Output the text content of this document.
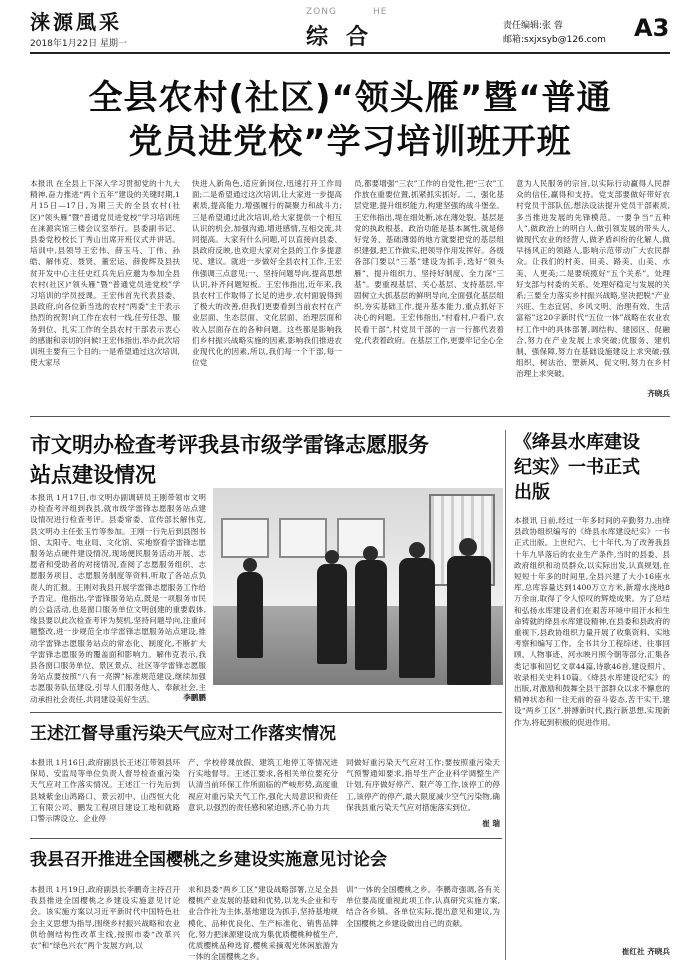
涞源風采
2018年1月22日 星期一
ZONG	HE
综合	责任编辑:张 蓉
邮箱:sxjxsyb@126.com A3
全县农村(社区)“领头雁”暨“普通
党员进党校”学习培训班开班
本报讯 在全县上下深入学习贯彻党的十九大精神,奋力推进“两个五年”建设的关键时期,1月15日—17日,为期三天的全县农村(社区)“领头雁”暨“普通党员进党校”学习培训班在涞源宾馆三楼会议室举行。县委副书记、县委党校校长丁秀山出席开班仪式并讲话。培训中,县领导王宏伟、薛玉马、丁伟、孙皓、解伟克、聂贤、董宏运、薛俊辉及县扶贫开发中心主任史红兵先后应邀为参加全县农村(社区)“领头雁”暨“普通党员进党校”学习培训的学员授课。王宏伟首先代表县委、县政府,向各位新当选的农村“两委”主干表示热烈的祝贺!向工作在农村一线,任劳任怨、服务到位、扎实工作的全县农村干部表示衷心的感谢和亲切的问候!王宏伟指出,举办此次培训班主要有三个目的:一是希望通过这次培训,使大家尽
快进入新角色,适应新岗位,迅速打开工作局面;二是希望通过这次培训,让大家进一步提高素质,提高能力,增强履行的凝聚力和战斗力;三是希望通过此次培训,给大家提供一个相互认识的机会,加强沟通,增进感情,互相交流,共同提高。大家有什么问题,可以直接向县委、县政府反映,也欢迎大家对全县的工作多提意见、建议。就进一步做好全县农村工作,王宏伟强调三点意见:一、坚持问题导向,提高思想认识,补齐问题短板。王宏伟指出,近年来,我县农村工作取得了长足的进步,农村面貌得到了极大的改善,但我们更要看到当前农村在产业层面、生态层面、文化层面、治理层面和收入层面存在的各种问题。这些都是影响我们乡村振兴战略实施的因素,影响我们推进农业现代化的因素,所以,我们每一个干部,每一位党
员,都要增强“三农”工作的自觉性,把“三农”工作放在重要位置,抓紧抓实抓好。二、强化基层党建,提升组织能力,构建坚强的战斗堡垒。王宏伟指出,堤在细处断,冰在薄处裂。基层是党的执政根基。政治功能是基本属性,就是修好党务、基础薄弱的地方就要把党的基层组织建强,把工作做实,把领导作用发挥好。各级各部门要以“三基”建设为抓手,选好“领头雁”、提升组织力、坚持好制度、全力深“三基”。要重视基层、关心基层、支持基层,牢固树立大抓基层的鲜明导向,全面强化基层组织,夯实基础工作,提升基本能力,重点抓好下决心的问题。王宏伟指出,“村看村,户看户,农民看干部”,村党员干部的一言一行都代表着党,代表着政府。在基层工作,更要牢记全心全
意为人民服务的宗旨,以实际行动赢得人民群众的信任,赢得和支持。党支部要做好带好农村党员干部队伍,想法设法提升党员干部素质,多当推进发展的先锋模范。一要争当“五种人”,做政治上的明白人,做引领发展的带头人,做现代农业的经营人,做矛盾纠纷的化解人,做早扬风正的领路人,影响示范带动广大农民群众。让我们的村美、田美、路美、山美、水美、人更美;二是要统揽好“五个关系”。处理好支部与村委的关系、处理好稳定与发展的关系;三要全力落实乡村振兴战略,坚决把脱“产业兴旺、生态宜居、乡风文明、治理有效、生活富裕”这20字新时代“五位一体”战略在农业农村工作中的具体部署,调结构、建园区、促融合,努力在产业发展上求突破;优服务、建机制、强保障,努力在基础设施建设上求突破;强组织、树法治、塑新风、促文明,努力在乡村治理上求突破。
齐晓兵
市文明办检查考评我县市级学雷锋志愿服务
站点建设情况
本报讯 1月17日,市文明办副调研员王刚带领市文明办检查考评组到我县,就市级学雷锋志愿服务站点建设情况进行检查考评。县委常委、宣传部长解伟克,县文明办主任张玉竹等参加。王刚一行先后到县图书馆、太阳寺、电业局、文化馆、实地察看学雷锋志愿服务站点硬件建设情况,现场便民服务活动开展、志愿者和受助者的对接情况,查阅了志愿服务组织、志愿服务项目、志愿服务制度等资料,听取了各站点负责人的汇报。王刚对我县开展学雷锋志愿服务工作给予肯定。他指出,学雷锋服务站点,既是一项服务市民的公益活动,也是窗口服务单位文明创建的重要载体,缘县要以此次检查考评为契机,坚持问题导向,注重问题整改,进一步规范全市学雷锋志愿服务站点建设,推动学雷锋志愿服务站点的常态化、制度化,不断扩大学雷锋志愿服务的覆盖面和影响力。解伟克表示,我县各窗口服务单位、景区景点、社区等学雷锋志愿服务站点要按照“八有一亮牌”标准规范建设,继续加强志愿服务队伍建设,引导人们服务他人、奉献社会,主动承担社会责任,共同建设美好生活。	李鹏鹏
王述江督导重污染天气应对工作落实情况
本报讯 1月16日,政府副县长王述江带领县环保局、安监局等单位负责人督导检查重污染天气应对工作落实情况。王述江一行先后到县城紫金山鸿路口、景云初中、山西恒大化工有限公司、鹏发工程项目建设工地和就路口警示牌设立、企业停
产、学校停课放假、建筑工地停工等情况进行实地督导。王述江要求,各相关单位要充分认清当前环保工作所面临的严峻形势,高度重视应对重污染天气工作,强化大局意识和责任意识,以强烈的责任感和紧迫感,齐心协力共
同做好重污染天气应对工作;要按照重污染天气预警通知要求,指导生产企业科学调整生产计划,有序做好停产、限产等工作,该停工的停工,该停产的停产,最大限度减少空气污染物,确保我县重污染天气应对措施落实到位。
崔 瑞
我县召开推进全国樱桃之乡建设实施意见讨论会
本报讯 1月19日,政府副县长李鹏奇主持召开我县推进全国樱桃之乡建设实施意见讨论会。该实施方案以习近平新时代中国特色社会主义思想为指导,围绕乡村振兴战略和农业供给侧结构性改革主线,按照市委“改革兴农”和“绿色兴农”两个发展方向,以
求和县委“两乡工区”建设战略部署,立足全县樱桃产业发展的基础和优势,以龙头企业和专业合作社为主体,基地建设为抓手,坚持基地规模化、品种优良化、生产标准化、销售品牌化,努力把涞源建设成为集优质樱桃种植生产,优质樱桃品种选育,樱桃采摘观光休闲旅游为一体的全国樱桃之乡。
训“一体的全国樱桃之乡。李鹏奇强调,各有关单位要高度重视此项工作,认真研究实施方案,结合各乡镇、各单位实际,提出意见和建议,为全国樱桃之乡建设做出自己的贡献。
《绛县水库建设
纪实》一书正式
出版
本报讯 日前,经过一年多时间的辛勤努力,由绛县政协组织编写的《绛县水库建设纪实》一书正式出版。上世纪六、七十年代,为了改善我县十年九旱落后的农业生产条件,当时的县委、县政府组织和动员群众,以实际出发,认真规划,在短短十年多的时间里,全县兴建了大小16座水库,总库容量达到1400万立方米,新增水浇地8万余亩,取得了令人惊叹的辉煌成果。为了总结和弘扬水库建设者们在艰苦环境中用汗水和生命铸就的绛县水库建设精神,在县委和县政府的重视下,县政协组织力量开展了收集资料、实地考察和编写工作。全书共分工程综述、往事回顾、人物事迹、河水映月照今朝等部分,汇集各类记事和回忆文章44篇,诗歌46首,建设照片、收录相关史料10篇。《绛县水库建设纪实》的出版,对激励和鼓舞全县干部群众以求不懈怠的精神状态和一往无前的奋斗姿态,苦干实干,建设“两乡工区”,拼搏新时代,践行新思想,实现新作为,将起到积极的促进作用。
崔红社 齐晓兵
